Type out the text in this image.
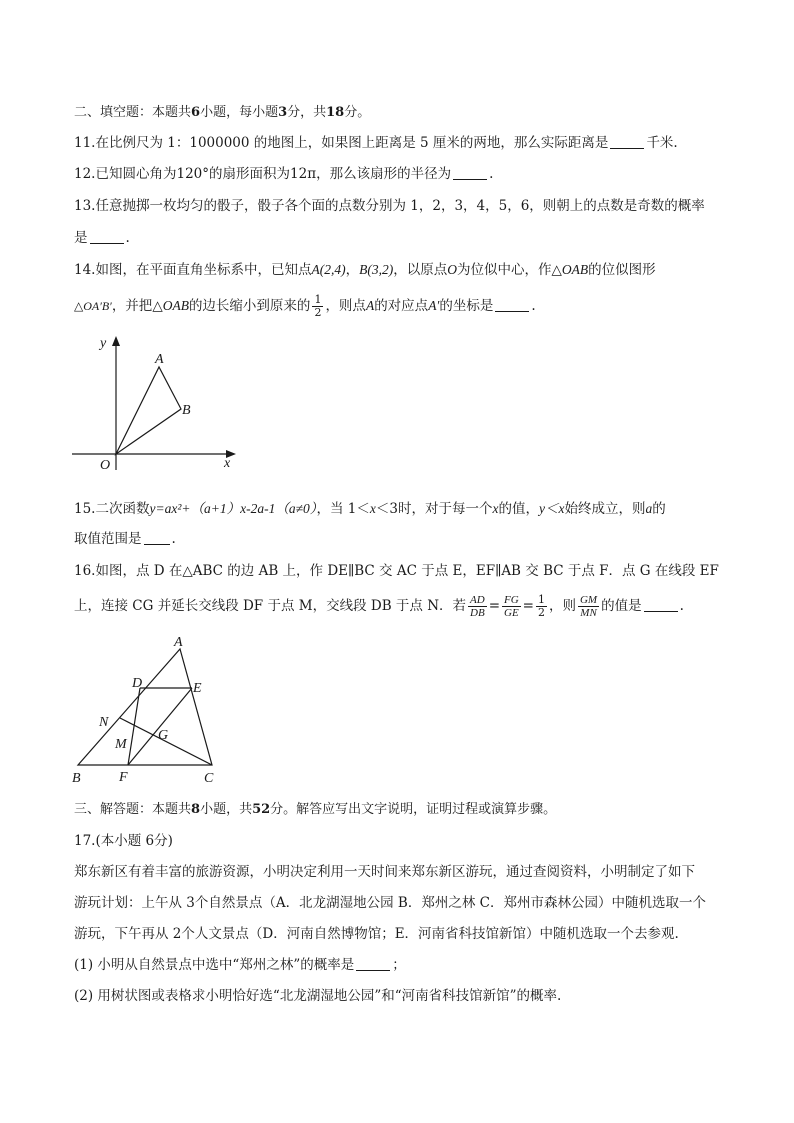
二、填空题：本题共6小题，每小题3分，共18分。
11.在比例尺为 1：1000000 的地图上，如果图上距离是 5 厘米的两地，那么实际距离是	千米.
12.已知圆心角为120°的扇形面积为12π，那么该扇形的半径为	.
13.任意抛掷一枚均匀的骰子，骰子各个面的点数分别为 1，2，3，4，5，6，则朝上的点数是奇数的概率
是	.
14.如图，在平面直角坐标系中，已知点A(2,4)，B(3,2)，以原点O为位似中心，作△OAB的位似图形
△OA′B′，并把△OAB的边长缩小到原来的 $\frac{1}{2}$ ，则点A的对应点A′的坐标是	.
y
x
O
A
B
15.二次函数y=ax²+（a+1）x-2a-1（a≠0），当 1＜x＜3时，对于每一个x的值，y＜x始终成立，则a的
取值范围是 .
16.如图，点 D 在△ABC 的边 AB 上，作 DE∥BC 交 AC 于点 E，EF∥AB 交 BC 于点 F．点 G 在线段 EF
上，连接 CG 并延长交线段 DF 于点 M，交线段 DB 于点 N．若 $\frac{AD}{DB} = \frac{FG}{GE} = \frac{1}{2}$ ，则 $\frac{GM}{MN}$ 的值是	.
A
B	C
D	E
F
G
M
N
三、解答题：本题共8小题，共52分。解答应写出文字说明，证明过程或演算步骤。
17.(本小题 6分)
郑东新区有着丰富的旅游资源，小明决定利用一天时间来郑东新区游玩，通过查阅资料，小明制定了如下
游玩计划：上午从 3个自然景点（A．北龙湖湿地公园 B．郑州之林 C．郑州市森林公园）中随机选取一个
游玩，下午再从 2个人文景点（D．河南自然博物馆；E．河南省科技馆新馆）中随机选取一个去参观.
(1) 小明从自然景点中选中“郑州之林”的概率是	；
(2) 用树状图或表格求小明恰好选“北龙湖湿地公园”和“河南省科技馆新馆”的概率.
